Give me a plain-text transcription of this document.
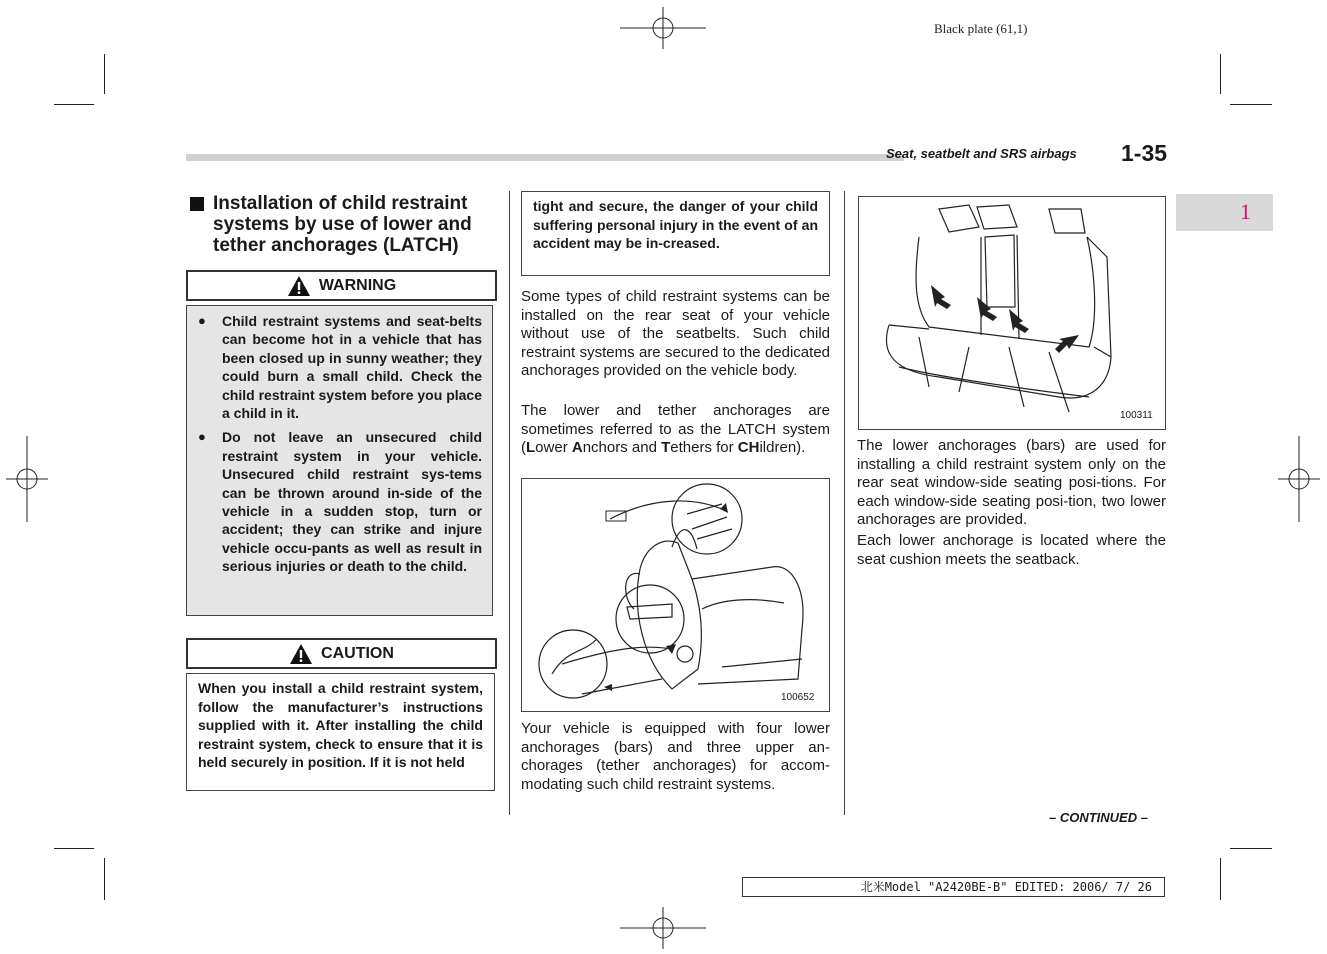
Black plate (61,1)
Seat, seatbelt and SRS airbags 1-35
1
Installation of child restraint systems by use of lower and tether anchorages (LATCH)
WARNING
● Child restraint systems and seat-belts can become hot in a vehicle that has been closed up in sunny weather; they could burn a small child. Check the child restraint system before you place a child in it.
● Do not leave an unsecured child restraint system in your vehicle. Unsecured child restraint sys-tems can be thrown around in-side of the vehicle in a sudden stop, turn or accident; they can strike and injure vehicle occu-pants as well as result in serious injuries or death to the child.
CAUTION
When you install a child restraint system, follow the manufacturer’s instructions supplied with it. After installing the child restraint system, check to ensure that it is held securely in position. If it is not held
tight and secure, the danger of your child suffering personal injury in the event of an accident may be in-creased.
Some types of child restraint systems can be installed on the rear seat of your vehicle without use of the seatbelts. Such child restraint systems are secured to the dedicated anchorages provided on the vehicle body.
The lower and tether anchorages are sometimes referred to as the LATCH system (Lower Anchors and Tethers for CHildren).
100652
Your vehicle is equipped with four lower anchorages (bars) and three upper an-chorages (tether anchorages) for accom-modating such child restraint systems.
100311
The lower anchorages (bars) are used for installing a child restraint system only on the rear seat window-side seating posi-tions. For each window-side seating posi-tion, two lower anchorages are provided.
Each lower anchorage is located where the seat cushion meets the seatback.
– CONTINUED –
北米Model "A2420BE-B" EDITED: 2006/ 7/ 26
